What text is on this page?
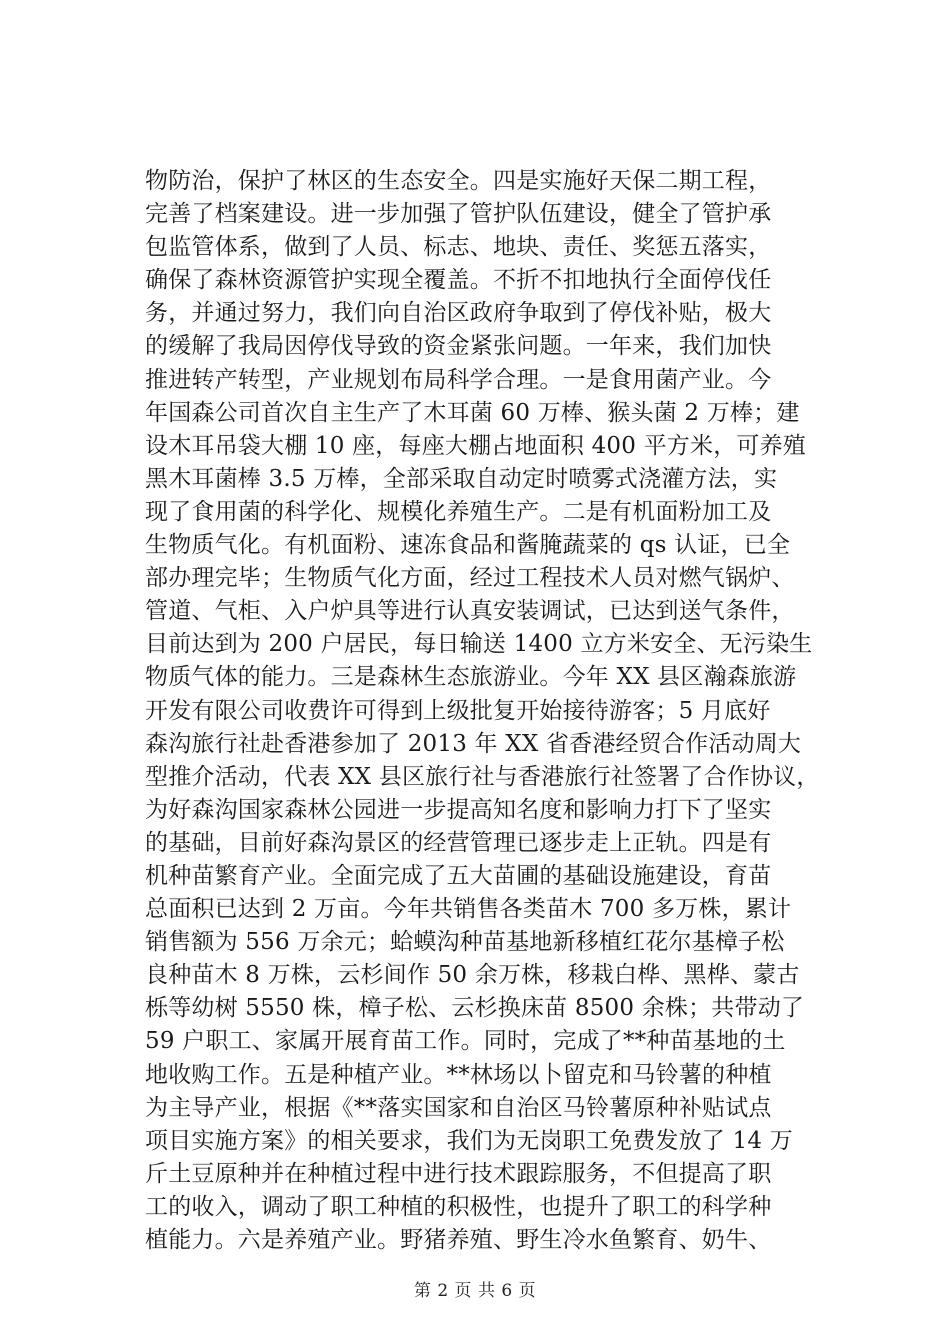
物防治，保护了林区的生态安全。四是实施好天保二期工程，
完善了档案建设。进一步加强了管护队伍建设，健全了管护承
包监管体系，做到了人员、标志、地块、责任、奖惩五落实，
确保了森林资源管护实现全覆盖。不折不扣地执行全面停伐任
务，并通过努力，我们向自治区政府争取到了停伐补贴，极大
的缓解了我局因停伐导致的资金紧张问题。一年来，我们加快
推进转产转型，产业规划布局科学合理。一是食用菌产业。今
年国森公司首次自主生产了木耳菌 60 万棒、猴头菌 2 万棒；建
设木耳吊袋大棚 10 座，每座大棚占地面积 400 平方米，可养殖
黑木耳菌棒 3.5 万棒，全部采取自动定时喷雾式浇灌方法，实
现了食用菌的科学化、规模化养殖生产。二是有机面粉加工及
生物质气化。有机面粉、速冻食品和酱腌蔬菜的 qs 认证，已全
部办理完毕；生物质气化方面，经过工程技术人员对燃气锅炉、
管道、气柜、入户炉具等进行认真安装调试，已达到送气条件，
目前达到为 200 户居民，每日输送 1400 立方米安全、无污染生
物质气体的能力。三是森林生态旅游业。今年 XX 县区瀚森旅游
开发有限公司收费许可得到上级批复开始接待游客；5 月底好
森沟旅行社赴香港参加了 2013 年 XX 省香港经贸合作活动周大
型推介活动，代表 XX 县区旅行社与香港旅行社签署了合作协议，
为好森沟国家森林公园进一步提高知名度和影响力打下了坚实
的基础，目前好森沟景区的经营管理已逐步走上正轨。四是有
机种苗繁育产业。全面完成了五大苗圃的基础设施建设，育苗
总面积已达到 2 万亩。今年共销售各类苗木 700 多万株，累计
销售额为 556 万余元；蛤蟆沟种苗基地新移植红花尔基樟子松
良种苗木 8 万株，云杉间作 50 余万株，移栽白桦、黑桦、蒙古
栎等幼树 5550 株，樟子松、云杉换床苗 8500 余株；共带动了
59 户职工、家属开展育苗工作。同时，完成了**种苗基地的土
地收购工作。五是种植产业。**林场以卜留克和马铃薯的种植
为主导产业，根据《**落实国家和自治区马铃薯原种补贴试点
项目实施方案》的相关要求，我们为无岗职工免费发放了 14 万
斤土豆原种并在种植过程中进行技术跟踪服务，不但提高了职
工的收入，调动了职工种植的积极性，也提升了职工的科学种
植能力。六是养殖产业。野猪养殖、野生冷水鱼繁育、奶牛、
第 2 页 共 6 页
